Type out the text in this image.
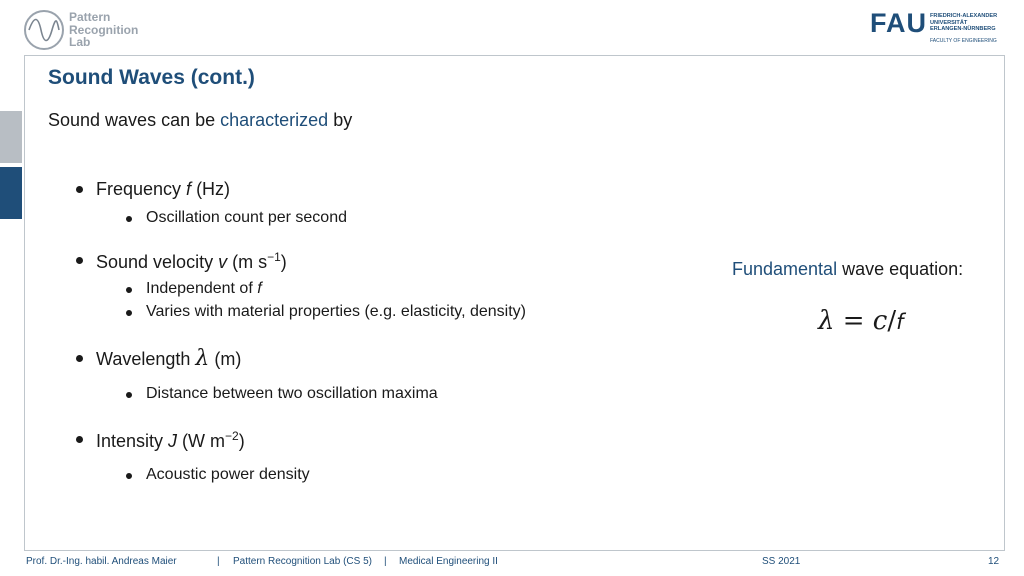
Pattern
Recognition
Lab
FAU FRIEDRICH-ALEXANDER
UNIVERSITÄT
ERLANGEN-NÜRNBERG
FACULTY OF ENGINEERING
Sound Waves (cont.)
Sound waves can be characterized by
Frequency f (Hz)
Oscillation count per second
Sound velocity v (m $s^{-1}$)
Independent of f
Varies with material properties (e.g. elasticity, density)
Wavelength λ (m)
Distance between two oscillation maxima
Intensity J (W $m^{-2}$)
Acoustic power density
Fundamental wave equation:
λ = c/f
Prof. Dr.-Ing. habil. Andreas Maier	| Pattern Recognition Lab (CS 5) | Medical Engineering II	SS 2021	12
